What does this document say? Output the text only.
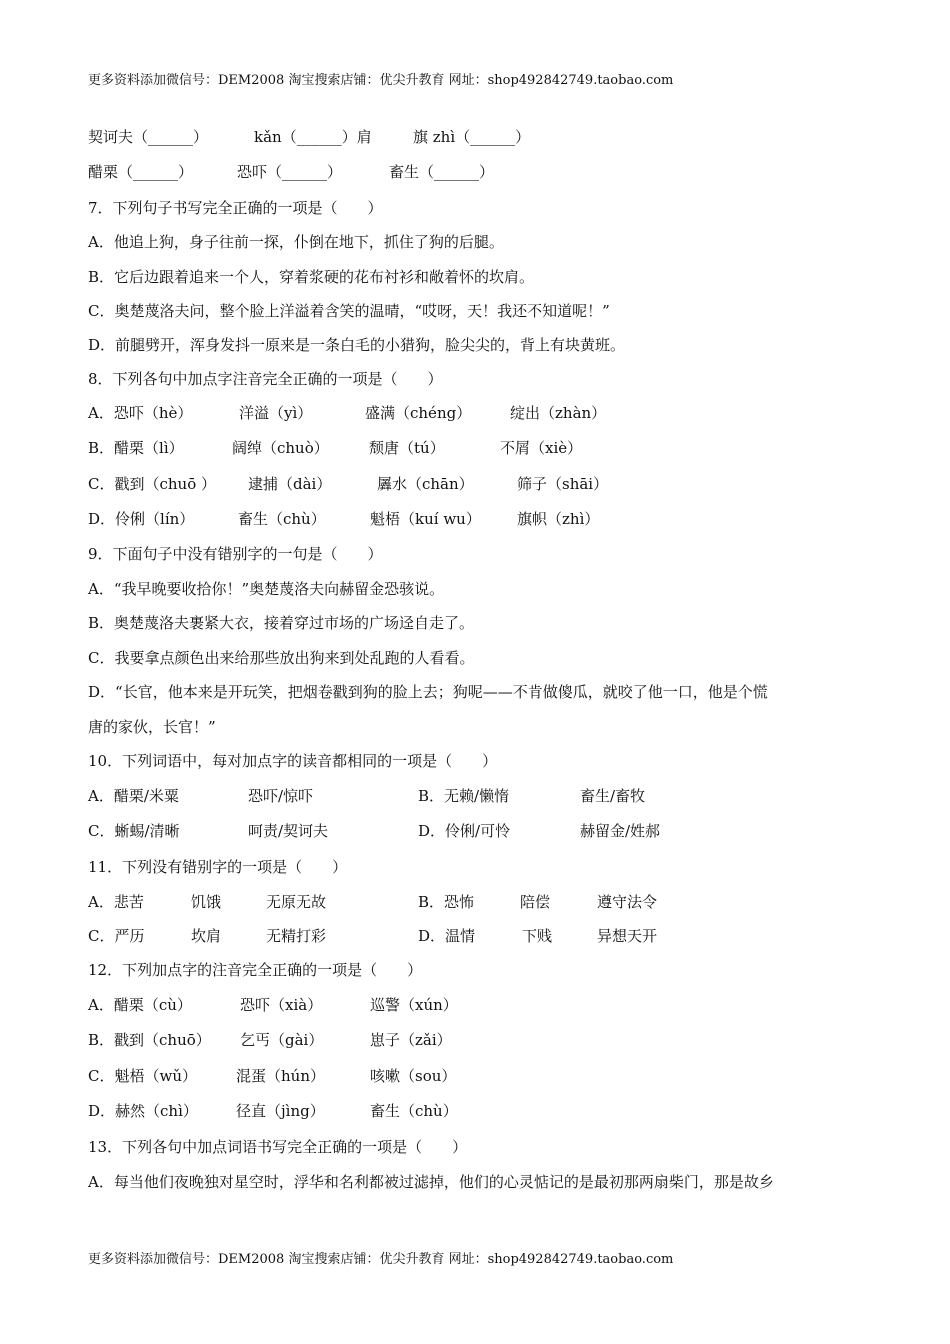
更多资料添加微信号：DEM2008 淘宝搜索店铺：优尖升教育 网址：shop492842749.taobao.com
契诃夫（______）	kǎn（______）肩	旗 zhì（______）
醋栗（______）	恐吓（______）	畜生（______）
7．下列句子书写完全正确的一项是（　　）
A．他追上狗，身子往前一探，仆倒在地下，抓住了狗的后腿。
B．它后边跟着追来一个人，穿着浆硬的花布衬衫和敞着怀的坎肩。
C．奥楚蔑洛夫问，整个脸上洋溢着含笑的温晴，“哎呀，天！我还不知道呢！”
D．前腿劈开，浑身发抖一原来是一条白毛的小猎狗，脸尖尖的，背上有块黄班。
8．下列各句中加点字注音完全正确的一项是（　　）
A．恐吓（hè）	洋溢（yì）	盛满（chéng）	绽出（zhàn）
B．醋栗（lì）	阔绰（chuò）	颓唐（tú）	不屑（xiè）
C．戳到（chuō ） 逮捕（dài）	羼水（chān）	筛子（shāi）
D．伶俐（lín）	畜生（chù）	魁梧（kuí wu） 旗帜（zhì）
9．下面句子中没有错别字的一句是（　　）
A．“我早晚要收拾你！”奥楚蔑洛夫向赫留金恐骇说。
B．奥楚蔑洛夫裹紧大衣，接着穿过市场的广场迳自走了。
C．我要拿点颜色出来给那些放出狗来到处乱跑的人看看。
D．“长官，他本来是开玩笑，把烟卷戳到狗的脸上去；狗呢——不肯做傻瓜，就咬了他一口，他是个慌
唐的家伙，长官！”
10．下列词语中，每对加点字的读音都相同的一项是（　　）
A．醋栗/米粟	恐吓/惊吓	B．无赖/懒惰	畜生/畜牧
C．蜥蜴/清晰	呵责/契诃夫	D．伶俐/可怜	赫留金/姓郝
11．下列没有错别字的一项是（　　）
A．悲苦	饥饿	无原无故	B．恐怖	陪偿	遵守法令
C．严历	坎肩	无精打彩	D．温情	下贱	异想天开
12．下列加点字的注音完全正确的一项是（　　）
A．醋栗（cù）	恐吓（xià）	巡警（xún）
B．戳到（chuō） 乞丐（gài）	崽子（zǎi）
C．魁梧（wǔ）	混蛋（hún）	咳嗽（sou）
D．赫然（chì）	径直（jìng）	畜生（chù）
13．下列各句中加点词语书写完全正确的一项是（　　）
A．每当他们夜晚独对星空时，浮华和名利都被过滤掉，他们的心灵惦记的是最初那两扇柴门，那是故乡
更多资料添加微信号：DEM2008 淘宝搜索店铺：优尖升教育 网址：shop492842749.taobao.com
